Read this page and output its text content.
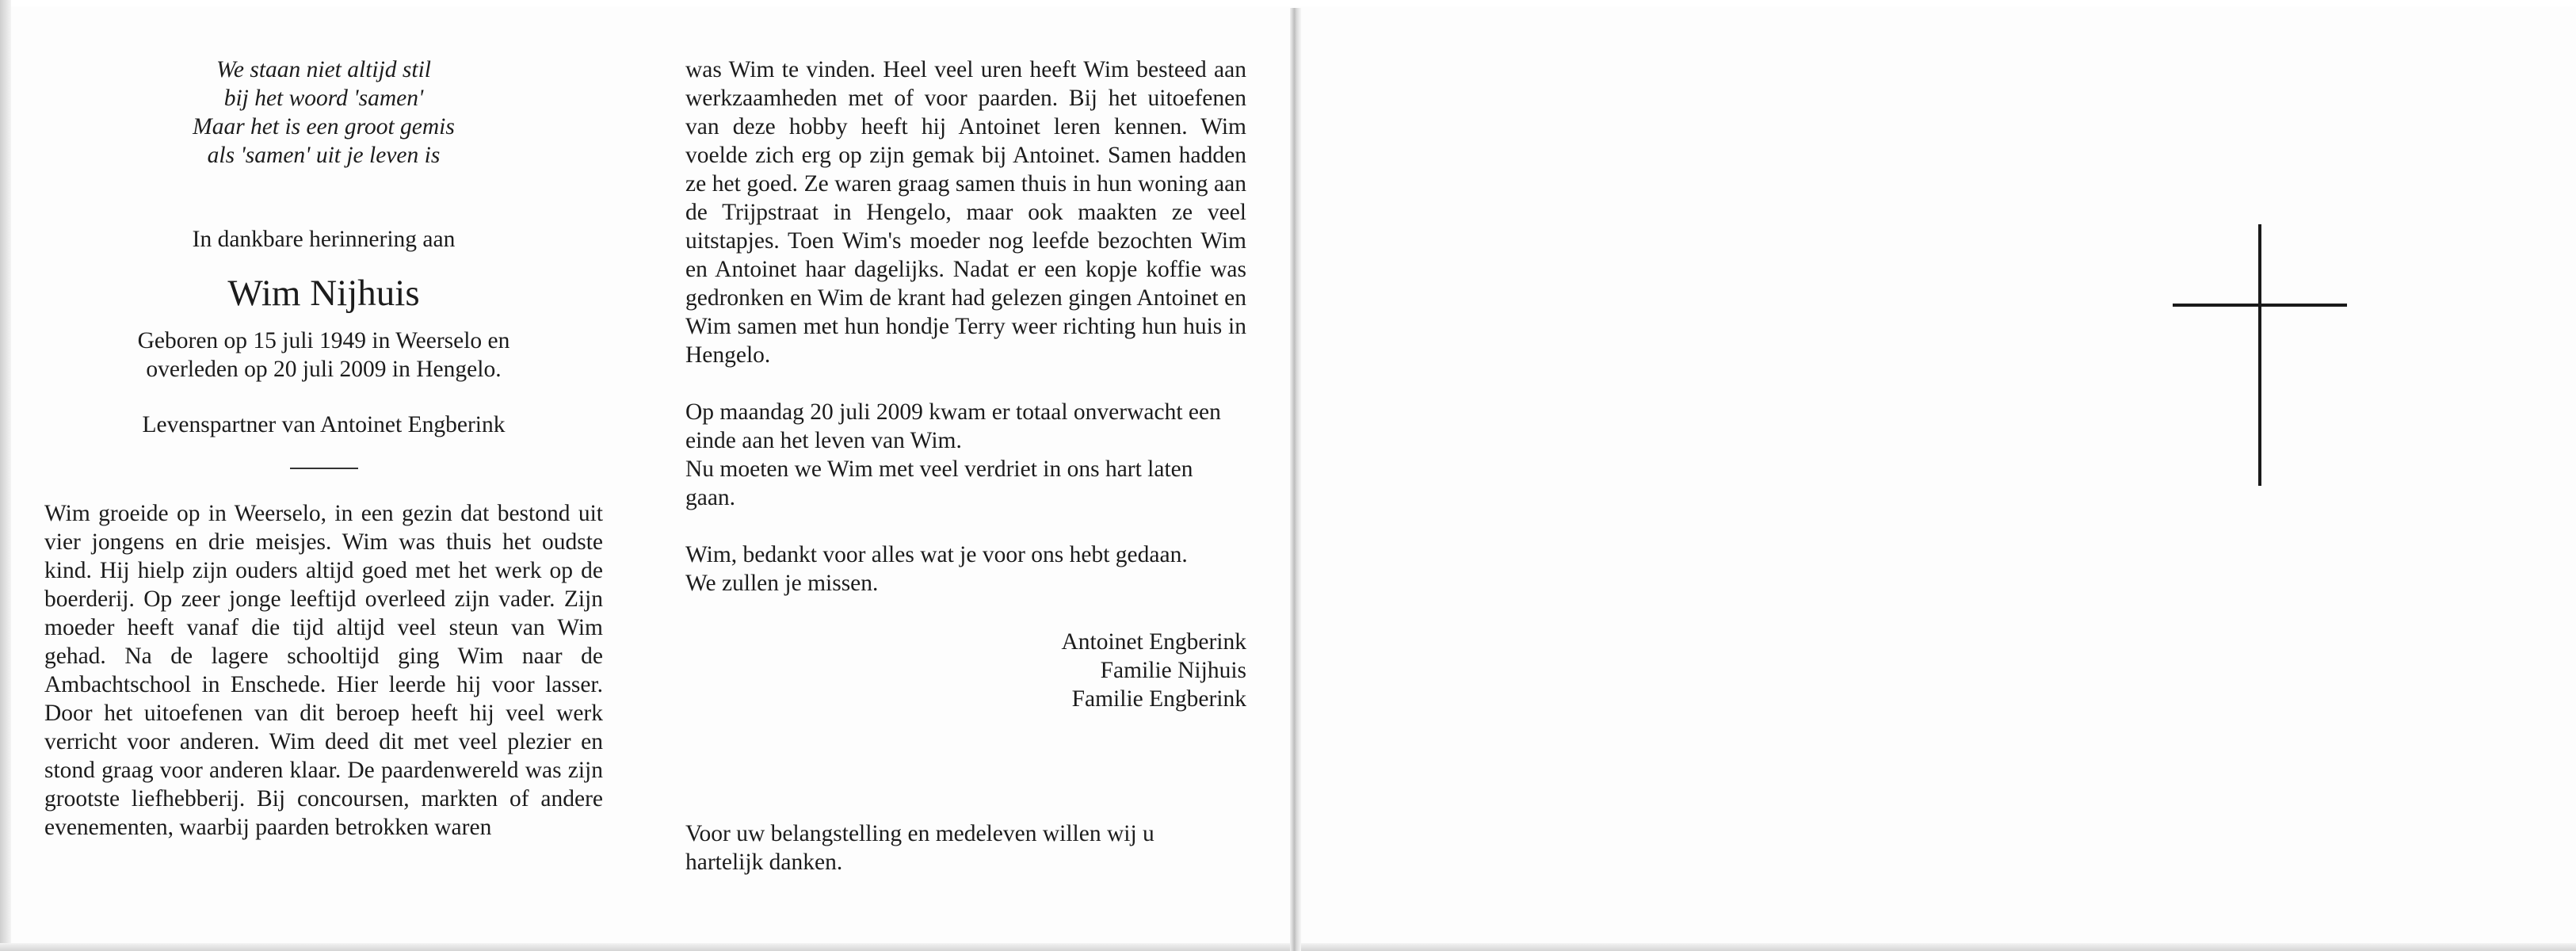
We staan niet altijd stil
bij het woord 'samen'
Maar het is een groot gemis
als 'samen' uit je leven is
In dankbare herinnering aan
Wim Nijhuis
Geboren op 15 juli 1949 in Weerselo en
overleden op 20 juli 2009 in Hengelo.
Levenspartner van Antoinet Engberink
Wim groeide op in Weerselo, in een gezin dat bestond uit vier jongens en drie meisjes. Wim was thuis het oudste kind. Hij hielp zijn ouders altijd goed met het werk op de boerderij. Op zeer jonge leeftijd overleed zijn vader. Zijn moeder heeft vanaf die tijd altijd veel steun van Wim gehad. Na de lagere schooltijd ging Wim naar de Ambachtschool in Enschede. Hier leerde hij voor lasser. Door het uitoefenen van dit beroep heeft hij veel werk verricht voor anderen. Wim deed dit met veel plezier en stond graag voor anderen klaar. De paardenwereld was zijn grootste liefhebberij. Bij concoursen, markten of andere evenementen, waarbij paarden betrokken waren
was Wim te vinden. Heel veel uren heeft Wim besteed aan werkzaamheden met of voor paarden. Bij het uitoefenen van deze hobby heeft hij Antoinet leren kennen. Wim voelde zich erg op zijn gemak bij Antoinet. Samen hadden ze het goed. Ze waren graag samen thuis in hun woning aan de Trijpstraat in Hengelo, maar ook maakten ze veel uitstapjes. Toen Wim's moeder nog leefde bezochten Wim en Antoinet haar dagelijks. Nadat er een kopje koffie was gedronken en Wim de krant had gelezen gingen Antoinet en Wim samen met hun hondje Terry weer richting hun huis in Hengelo.
Op maandag 20 juli 2009 kwam er totaal onverwacht een einde aan het leven van Wim.
Nu moeten we Wim met veel verdriet in ons hart laten gaan.
Wim, bedankt voor alles wat je voor ons hebt gedaan.
We zullen je missen.
Antoinet Engberink
Familie Nijhuis
Familie Engberink
Voor uw belangstelling en medeleven willen wij u
hartelijk danken.
